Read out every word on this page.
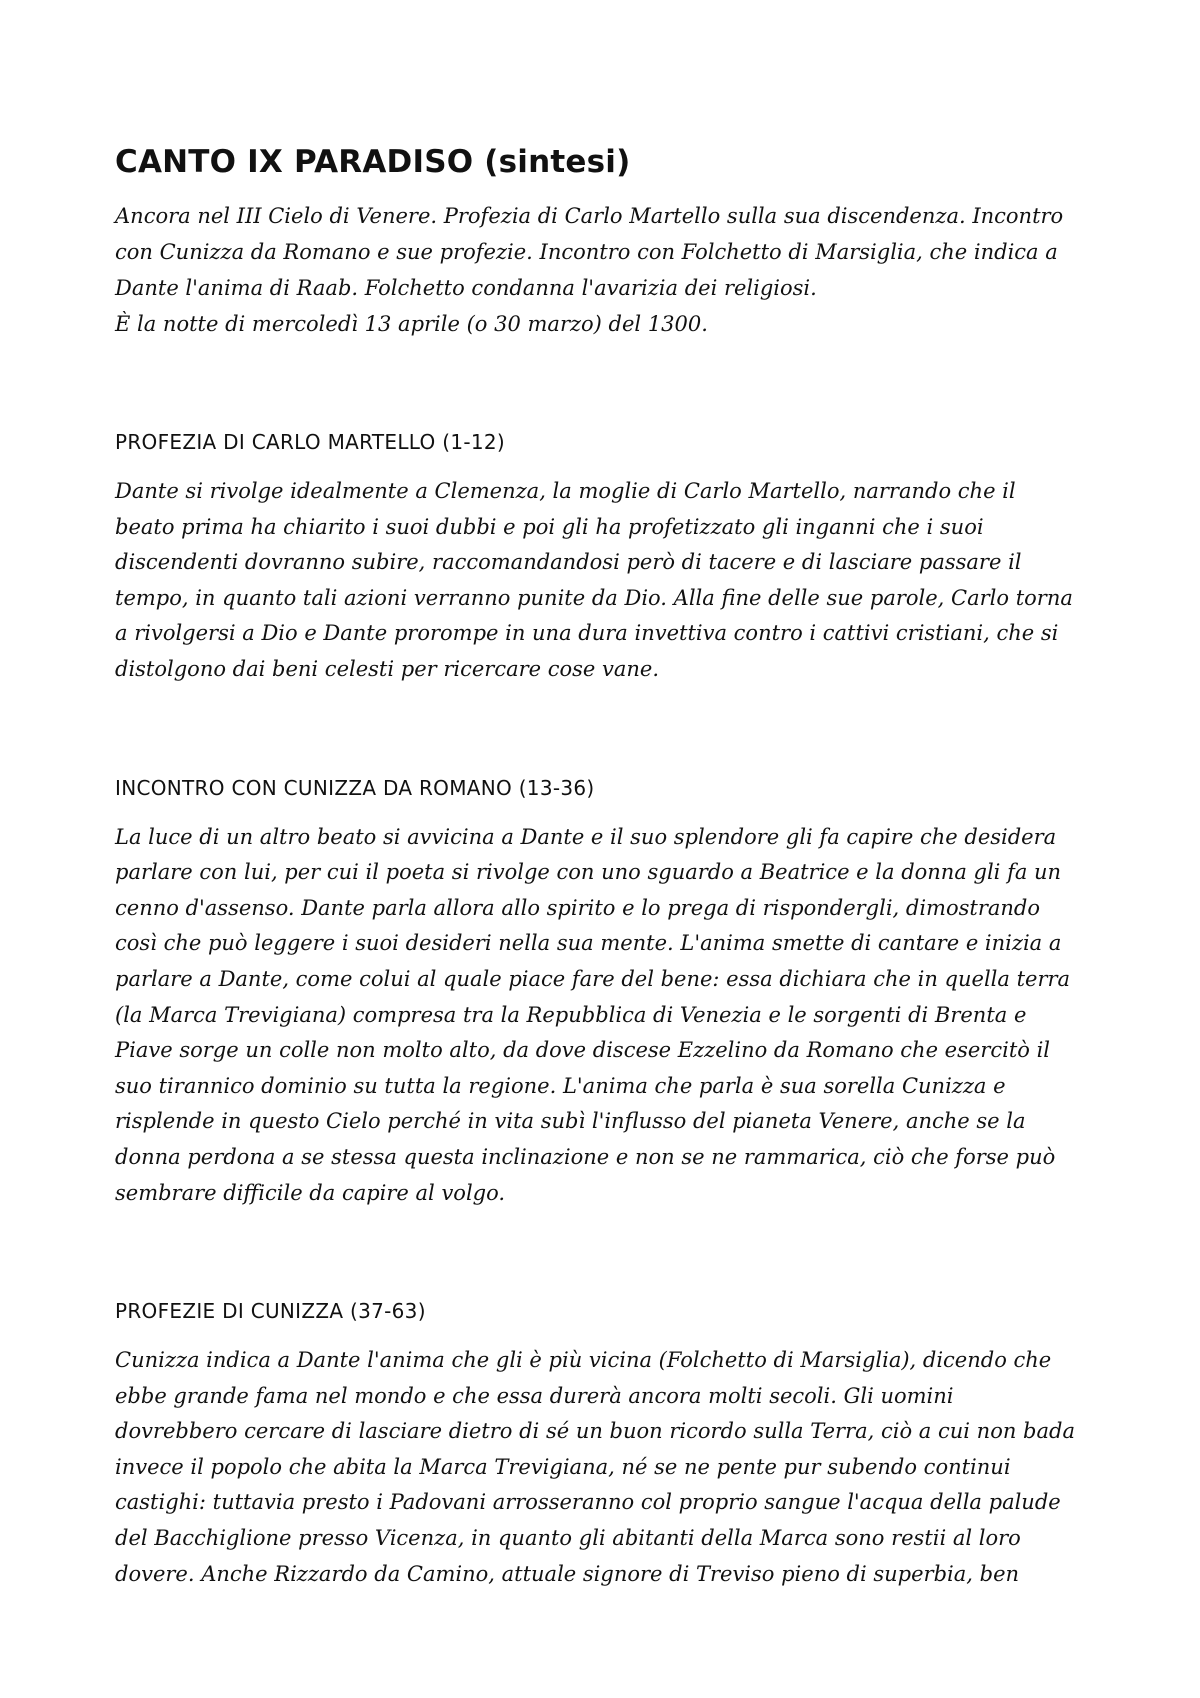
CANTO IX PARADISO (sintesi)

Ancora nel III Cielo di Venere. Profezia di Carlo Martello sulla sua discendenza. Incontro
con Cunizza da Romano e sue profezie. Incontro con Folchetto di Marsiglia, che indica a
Dante l'anima di Raab. Folchetto condanna l'avarizia dei religiosi.
È la notte di mercoledì 13 aprile (o 30 marzo) del 1300.

PROFEZIA DI CARLO MARTELLO (1-12)

Dante si rivolge idealmente a Clemenza, la moglie di Carlo Martello, narrando che il
beato prima ha chiarito i suoi dubbi e poi gli ha profetizzato gli inganni che i suoi
discendenti dovranno subire, raccomandandosi però di tacere e di lasciare passare il
tempo, in quanto tali azioni verranno punite da Dio. Alla fine delle sue parole, Carlo torna
a rivolgersi a Dio e Dante prorompe in una dura invettiva contro i cattivi cristiani, che si
distolgono dai beni celesti per ricercare cose vane.

INCONTRO CON CUNIZZA DA ROMANO (13-36)

La luce di un altro beato si avvicina a Dante e il suo splendore gli fa capire che desidera
parlare con lui, per cui il poeta si rivolge con uno sguardo a Beatrice e la donna gli fa un
cenno d'assenso. Dante parla allora allo spirito e lo prega di rispondergli, dimostrando
così che può leggere i suoi desideri nella sua mente. L'anima smette di cantare e inizia a
parlare a Dante, come colui al quale piace fare del bene: essa dichiara che in quella terra
(la Marca Trevigiana) compresa tra la Repubblica di Venezia e le sorgenti di Brenta e
Piave sorge un colle non molto alto, da dove discese Ezzelino da Romano che esercitò il
suo tirannico dominio su tutta la regione. L'anima che parla è sua sorella Cunizza e
risplende in questo Cielo perché in vita subì l'influsso del pianeta Venere, anche se la
donna perdona a se stessa questa inclinazione e non se ne rammarica, ciò che forse può
sembrare difficile da capire al volgo.

PROFEZIE DI CUNIZZA (37-63)

Cunizza indica a Dante l'anima che gli è più vicina (Folchetto di Marsiglia), dicendo che
ebbe grande fama nel mondo e che essa durerà ancora molti secoli. Gli uomini
dovrebbero cercare di lasciare dietro di sé un buon ricordo sulla Terra, ciò a cui non bada
invece il popolo che abita la Marca Trevigiana, né se ne pente pur subendo continui
castighi: tuttavia presto i Padovani arrosseranno col proprio sangue l'acqua della palude
del Bacchiglione presso Vicenza, in quanto gli abitanti della Marca sono restii al loro
dovere. Anche Rizzardo da Camino, attuale signore di Treviso pieno di superbia, ben
